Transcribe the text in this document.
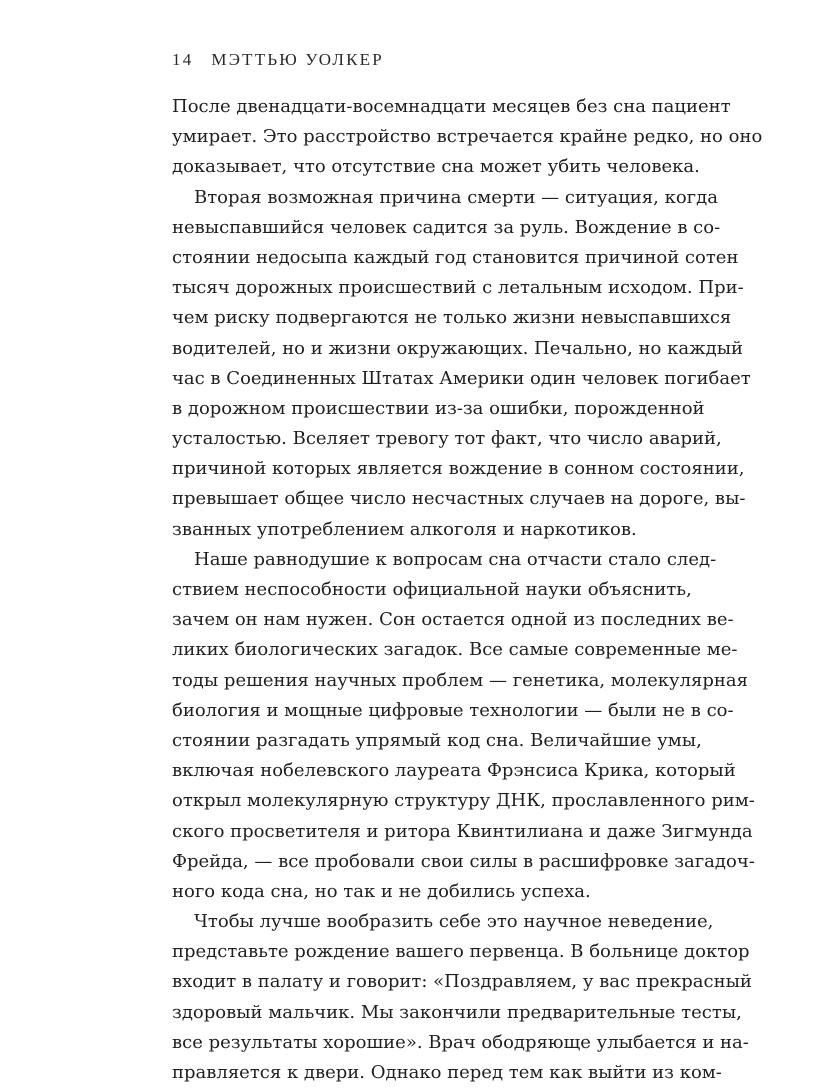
14 МЭТТЬЮ УОЛКЕР
После двенадцати-восемнадцати месяцев без сна пациент
умирает. Это расстройство встречается крайне редко, но оно
доказывает, что отсутствие сна может убить человека.
Вторая возможная причина смерти — ситуация, когда
невыспавшийся человек садится за руль. Вождение в со-
стоянии недосыпа каждый год становится причиной сотен
тысяч дорожных происшествий с летальным исходом. При-
чем риску подвергаются не только жизни невыспавшихся
водителей, но и жизни окружающих. Печально, но каждый
час в Соединенных Штатах Америки один человек погибает
в дорожном происшествии из-за ошибки, порожденной
усталостью. Вселяет тревогу тот факт, что число аварий,
причиной которых является вождение в сонном состоянии,
превышает общее число несчастных случаев на дороге, вы-
званных употреблением алкоголя и наркотиков.
Наше равнодушие к вопросам сна отчасти стало след-
ствием неспособности официальной науки объяснить,
зачем он нам нужен. Сон остается одной из последних ве-
ликих биологических загадок. Все самые современные ме-
тоды решения научных проблем — генетика, молекулярная
биология и мощные цифровые технологии — были не в со-
стоянии разгадать упрямый код сна. Величайшие умы,
включая нобелевского лауреата Фрэнсиса Крика, который
открыл молекулярную структуру ДНК, прославленного рим-
ского просветителя и ритора Квинтилиана и даже Зигмунда
Фрейда, — все пробовали свои силы в расшифровке загадоч-
ного кода сна, но так и не добились успеха.
Чтобы лучше вообразить себе это научное неведение,
представьте рождение вашего первенца. В больнице доктор
входит в палату и говорит: «Поздравляем, у вас прекрасный
здоровый мальчик. Мы закончили предварительные тесты,
все результаты хорошие». Врач ободряюще улыбается и на-
правляется к двери. Однако перед тем как выйти из ком-
